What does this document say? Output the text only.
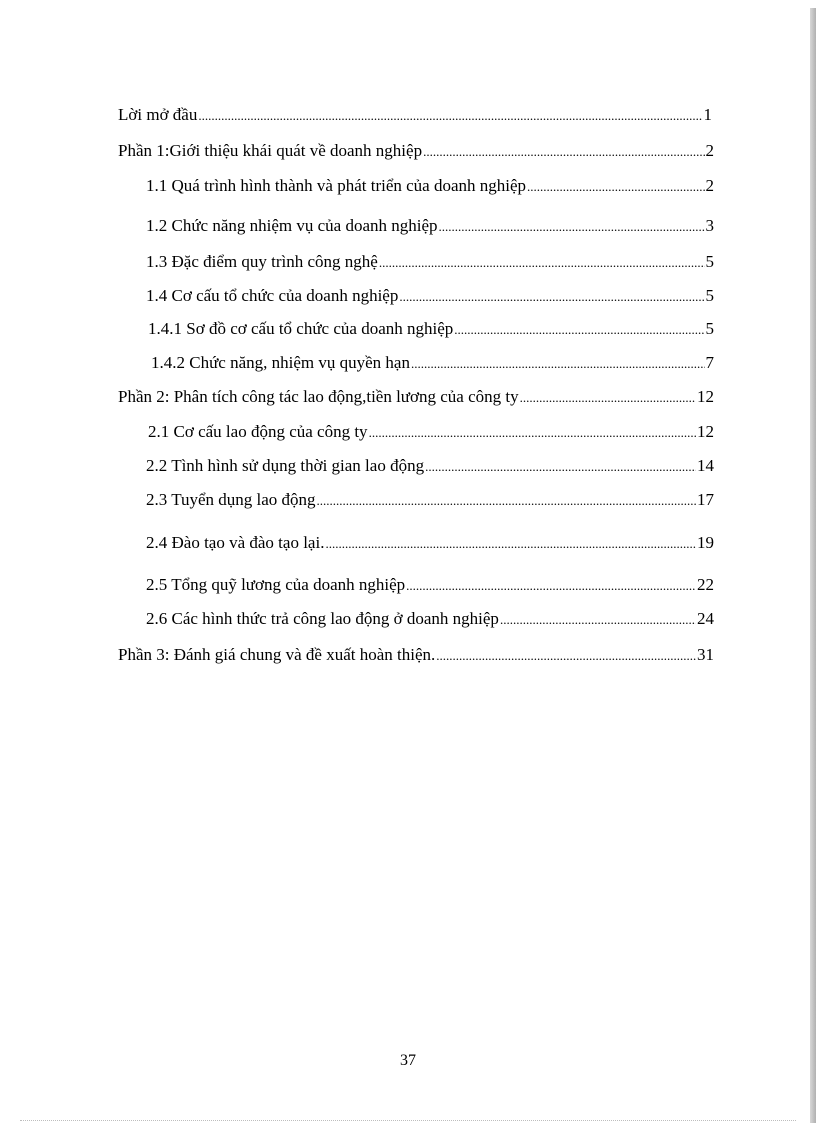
Lời mở đầu .....	1
Phần 1:Giới thiệu khái quát về doanh nghiệp .....	2
1.1 Quá trình hình thành và phát triển của doanh nghiệp .....	2
1.2 Chức năng nhiệm vụ của doanh nghiệp .....	3
1.3 Đặc điểm quy trình công nghệ .....	5
1.4 Cơ cấu tổ chức của doanh nghiệp .....	5
1.4.1 Sơ đồ cơ cấu tổ chức của doanh nghiệp .....	5
1.4.2 Chức năng, nhiệm vụ quyền hạn .....	7
Phần 2: Phân tích công tác lao động,tiền lương của công ty .....	12
2.1 Cơ cấu lao động của công ty .....	12
2.2 Tình hình sử dụng thời gian lao động .....	14
2.3 Tuyển dụng lao động .....	17
2.4 Đào tạo và đào tạo lại. .....	19
2.5 Tổng quỹ lương của doanh nghiệp .....	22
2.6 Các hình thức trả công lao động ở doanh nghiệp .....	24
Phần 3: Đánh giá chung và đề xuất hoàn thiện. .....	31
37
